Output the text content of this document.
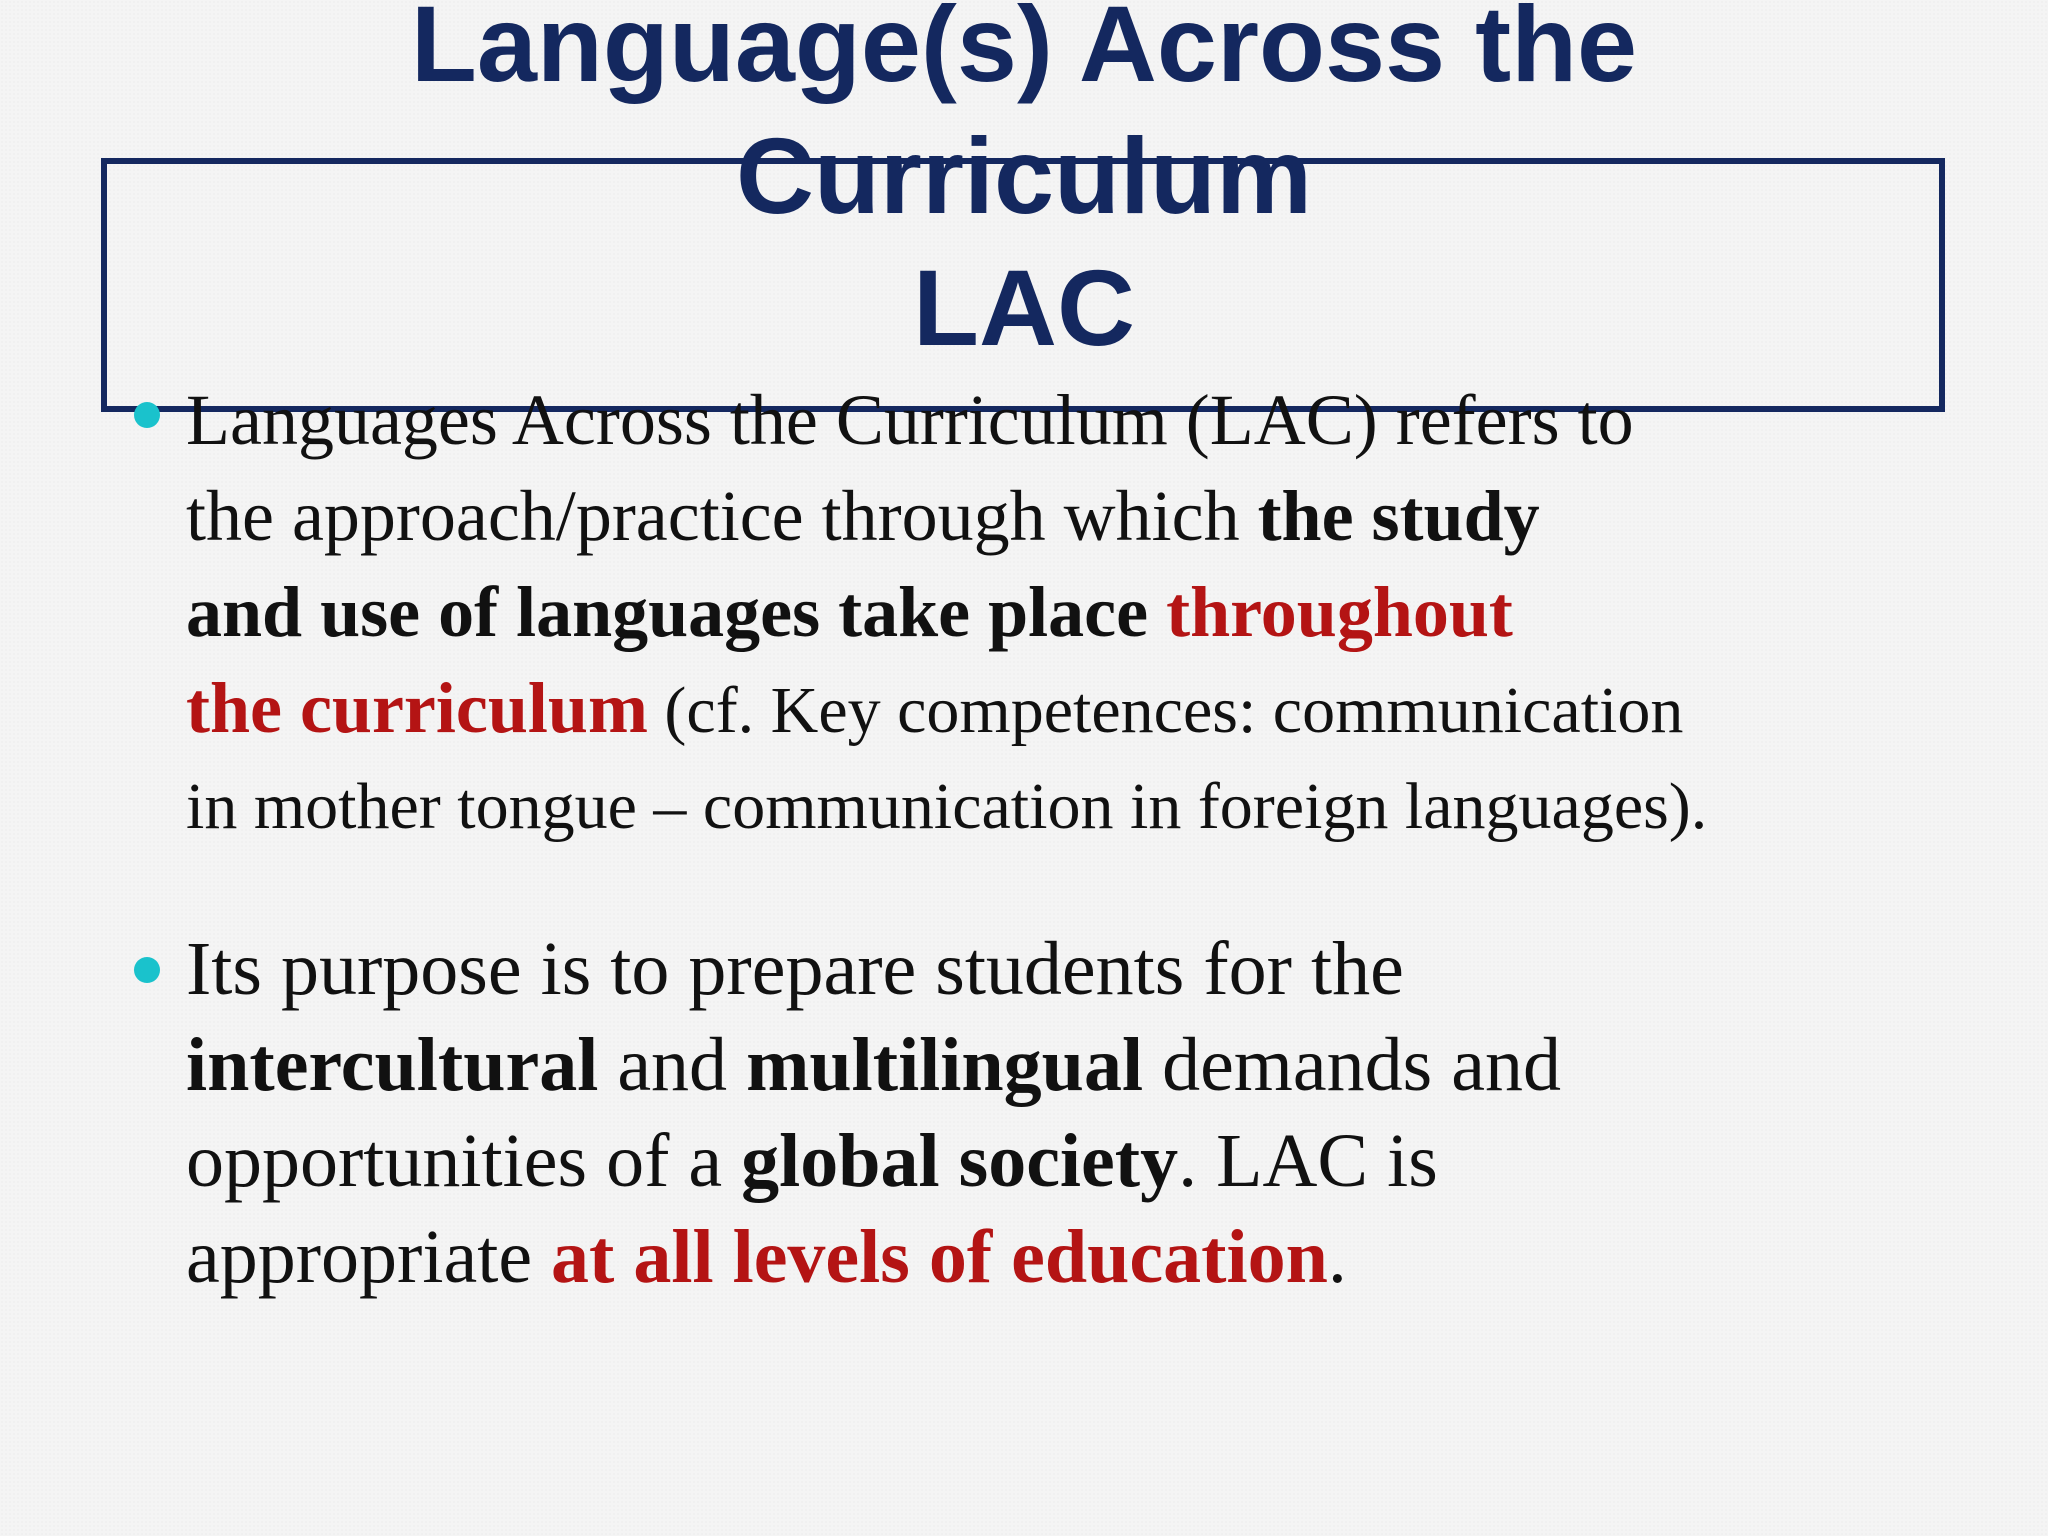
Language(s) Across the
Curriculum
LAC
Languages Across the Curriculum (LAC) refers to
the approach/practice through which the study
and use of languages take place throughout
the curriculum (cf. Key competences: communication
in mother tongue – communication in foreign languages).
Its purpose is to prepare students for the
intercultural and multilingual demands and
opportunities of a global society. LAC is
appropriate at all levels of education.
